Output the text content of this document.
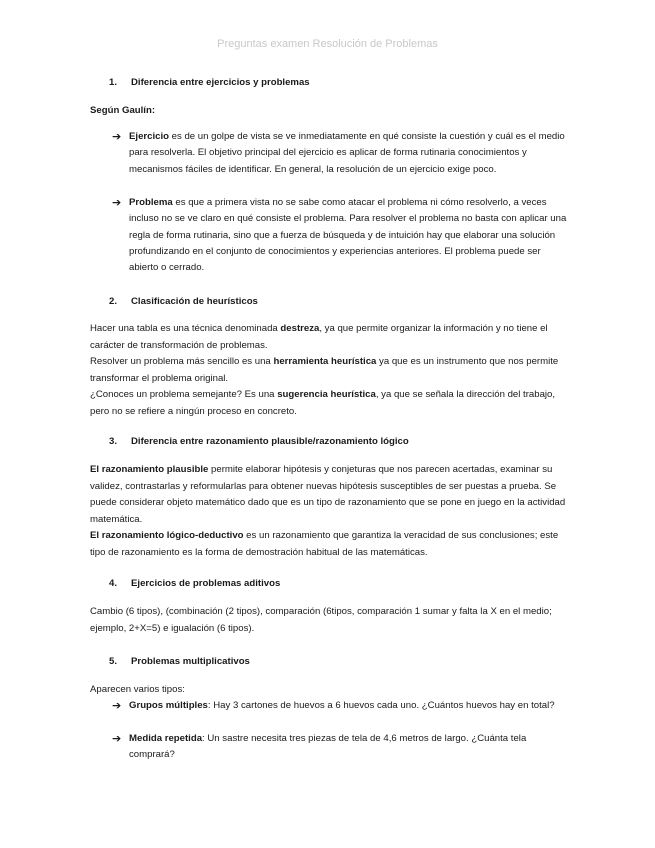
Preguntas examen Resolución de Problemas
1. Diferencia entre ejercicios y problemas
Según Gaulín:
➔ Ejercicio es de un golpe de vista se ve inmediatamente en qué consiste la cuestión y cuál es el medio para resolverla. El objetivo principal del ejercicio es aplicar de forma rutinaria conocimientos y mecanismos fáciles de identificar. En general, la resolución de un ejercicio exige poco.
➔ Problema es que a primera vista no se sabe como atacar el problema ni cómo resolverlo, a veces incluso no se ve claro en qué consiste el problema. Para resolver el problema no basta con aplicar una regla de forma rutinaria, sino que a fuerza de búsqueda y de intuición hay que elaborar una solución profundizando en el conjunto de conocimientos y experiencias anteriores. El problema puede ser abierto o cerrado.
2. Clasificación de heurísticos

Hacer una tabla es una técnica denominada destreza, ya que permite organizar la información y no tiene el carácter de transformación de problemas.

Resolver un problema más sencillo es una herramienta heurística ya que es un instrumento que nos permite transformar el problema original.

¿Conoces un problema semejante? Es una sugerencia heurística, ya que se señala la dirección del trabajo, pero no se refiere a ningún proceso en concreto.

3. Diferencia entre razonamiento plausible/razonamiento lógico

El razonamiento plausible permite elaborar hipótesis y conjeturas que nos parecen acertadas, examinar su validez, contrastarlas y reformularlas para obtener nuevas hipótesis susceptibles de ser puestas a prueba. Se puede considerar objeto matemático dado que es un tipo de razonamiento que se pone en juego en la actividad matemática.

El razonamiento lógico-deductivo es un razonamiento que garantiza la veracidad de sus conclusiones; este tipo de razonamiento es la forma de demostración habitual de las matemáticas.

4. Ejercicios de problemas aditivos
Cambio (6 tipos), (combinación (2 tipos), comparación (6tipos, comparación 1 sumar y falta la X en el medio; ejemplo, 2+X=5) e igualación (6 tipos).
5. Problemas multiplicativos
Aparecen varios tipos:
➔ Grupos múltiples: Hay 3 cartones de huevos a 6 huevos cada uno. ¿Cuántos huevos hay en total?
➔ Medida repetida: Un sastre necesita tres piezas de tela de 4,6 metros de largo. ¿Cuánta tela comprará?
